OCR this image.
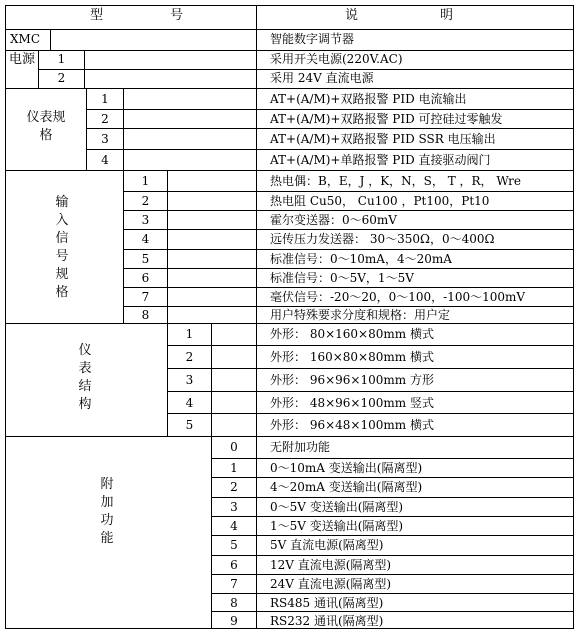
型	号	说	明
XMC	智能数字调节器
电源	1	采用开关电源(220V.AC)
2	采用 24V 直流电源
仪表规格
1	AT+(A/M)+双路报警 PID 电流输出
2	AT+(A/M)+双路报警 PID 可控硅过零触发
3	AT+(A/M)+双路报警 PID SSR 电压输出
4	AT+(A/M)+单路报警 PID 直接驱动阀门
输入信号规格
1	热电偶：B，E，J ，K，N，S， T ，R， Wre
2	热电阻 Cu50， Cu100 ，Pt100，Pt10
3	霍尔变送器：0～60mV
4	远传压力发送器： 30～350Ω，0～400Ω
5	标准信号：0～10mA，4～20mA
6	标准信号：0～5V，1～5V
7	毫伏信号：-20～20，0～100，-100～100mV
8	用户特殊要求分度和规格：用户定
仪表结构
1	外形： 80×160×80mm 横式
2	外形： 160×80×80mm 横式
3	外形： 96×96×100mm 方形
4	外形： 48×96×100mm 竖式
5	外形： 96×48×100mm 横式
附加功能
0	无附加功能
1	0～10mA 变送输出(隔离型)
2	4～20mA 变送输出(隔离型)
3	0～5V 变送输出(隔离型)
4	1～5V 变送输出(隔离型)
5	5V 直流电源(隔离型)
6	12V 直流电源(隔离型)
7	24V 直流电源(隔离型)
8	RS485 通讯(隔离型)
9	RS232 通讯(隔离型)
